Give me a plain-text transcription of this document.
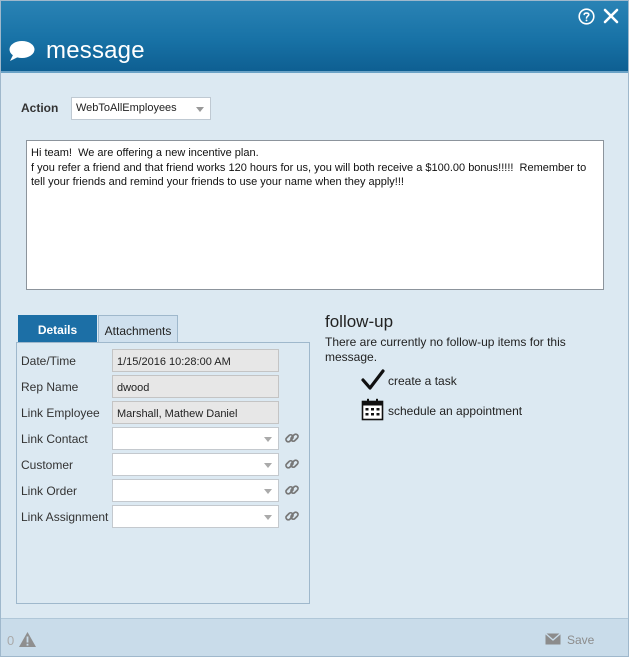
message
Action	WebToAllEmployees

Hi team!  We are offering a new incentive plan.

f you refer a friend and that friend works 120 hours for us, you will both receive a $100.00 bonus!!!!!  Remember to tell your friends and remind your friends to use your name when they apply!!!

Details	Attachments
Date/Time	1/15/2016 10:28:00 AM
Rep Name	dwood
Link Employee	Marshall, Mathew Daniel
Link Contact
Customer
Link Order
Link Assignment
follow-up
There are currently no follow-up items for this message.
create a task
schedule an appointment
0	Save
